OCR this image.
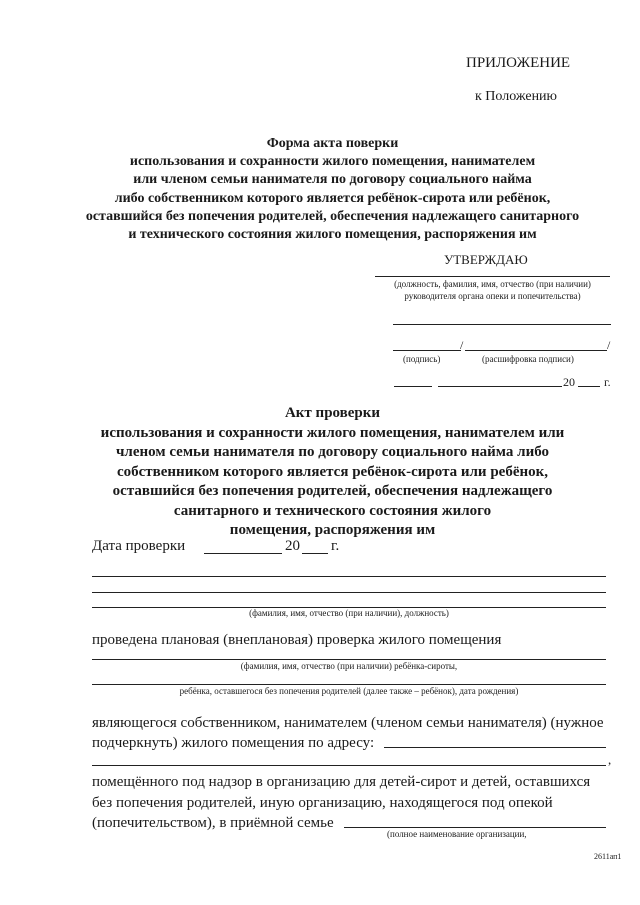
ПРИЛОЖЕНИЕ
к Положению
Форма акта поверки
использования и сохранности жилого помещения, нанимателем
или членом семьи нанимателя по договору социального найма
либо собственником которого является ребёнок-сирота или ребёнок,
оставшийся без попечения родителей, обеспечения надлежащего санитарного
и технического состояния жилого помещения, распоряжения им
УТВЕРЖДАЮ
(должность, фамилия, имя, отчество (при наличии)
руководителя органа опеки и попечительства)
/	/
(подпись)	(расшифровка подписи)
20 г.
Акт проверки
использования и сохранности жилого помещения, нанимателем или
членом семьи нанимателя по договору социального найма либо
собственником которого является ребёнок-сирота или ребёнок,
оставшийся без попечения родителей, обеспечения надлежащего
санитарного и технического состояния жилого
помещения, распоряжения им
Дата проверки	20 г.
(фамилия, имя, отчество (при наличии), должность)
проведена плановая (внеплановая) проверка жилого помещения
(фамилия, имя, отчество (при наличии) ребёнка-сироты,
ребёнка, оставшегося без попечения родителей (далее также – ребёнок), дата рождения)
являющегося собственником, нанимателем (членом семьи нанимателя) (нужное
подчеркнуть) жилого помещения по адресу:
,
помещённого под надзор в организацию для детей-сирот и детей, оставшихся
без попечения родителей, иную организацию, находящегося под опекой
(попечительством), в приёмной семье
(полное наименование организации,
2611ап1
